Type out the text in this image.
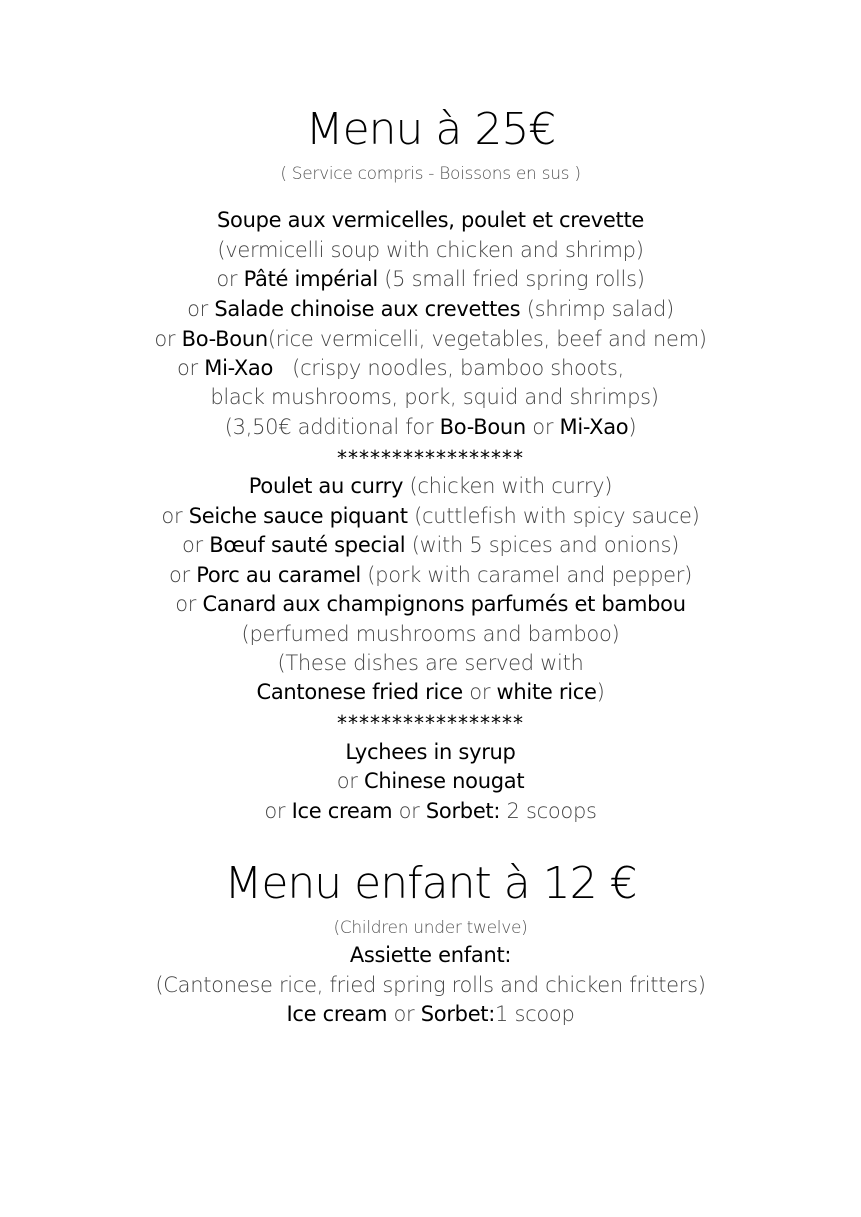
Menu à 25€
( Service compris - Boissons en sus )
Soupe aux vermicelles, poulet et crevette
(vermicelli soup with chicken and shrimp)
or Pâté impérial (5 small fried spring rolls)
or Salade chinoise aux crevettes (shrimp salad)
or Bo-Boun(rice vermicelli, vegetables, beef and nem)
or Mi-Xao   (crispy noodles, bamboo shoots,
black mushrooms, pork, squid and shrimps)
(3,50€ additional for Bo-Boun or Mi-Xao)
*****************
Poulet au curry (chicken with curry)
or Seiche sauce piquant (cuttlefish with spicy sauce)
or Bœuf sauté special (with 5 spices and onions)
or Porc au caramel (pork with caramel and pepper)
or Canard aux champignons parfumés et bambou
(perfumed mushrooms and bamboo)
(These dishes are served with
Cantonese fried rice or white rice)
*****************
Lychees in syrup
or Chinese nougat
or Ice cream or Sorbet: 2 scoops
Menu enfant à 12 €
(Children under twelve)
Assiette enfant:
(Cantonese rice, fried spring rolls and chicken fritters)
Ice cream or Sorbet:1 scoop
